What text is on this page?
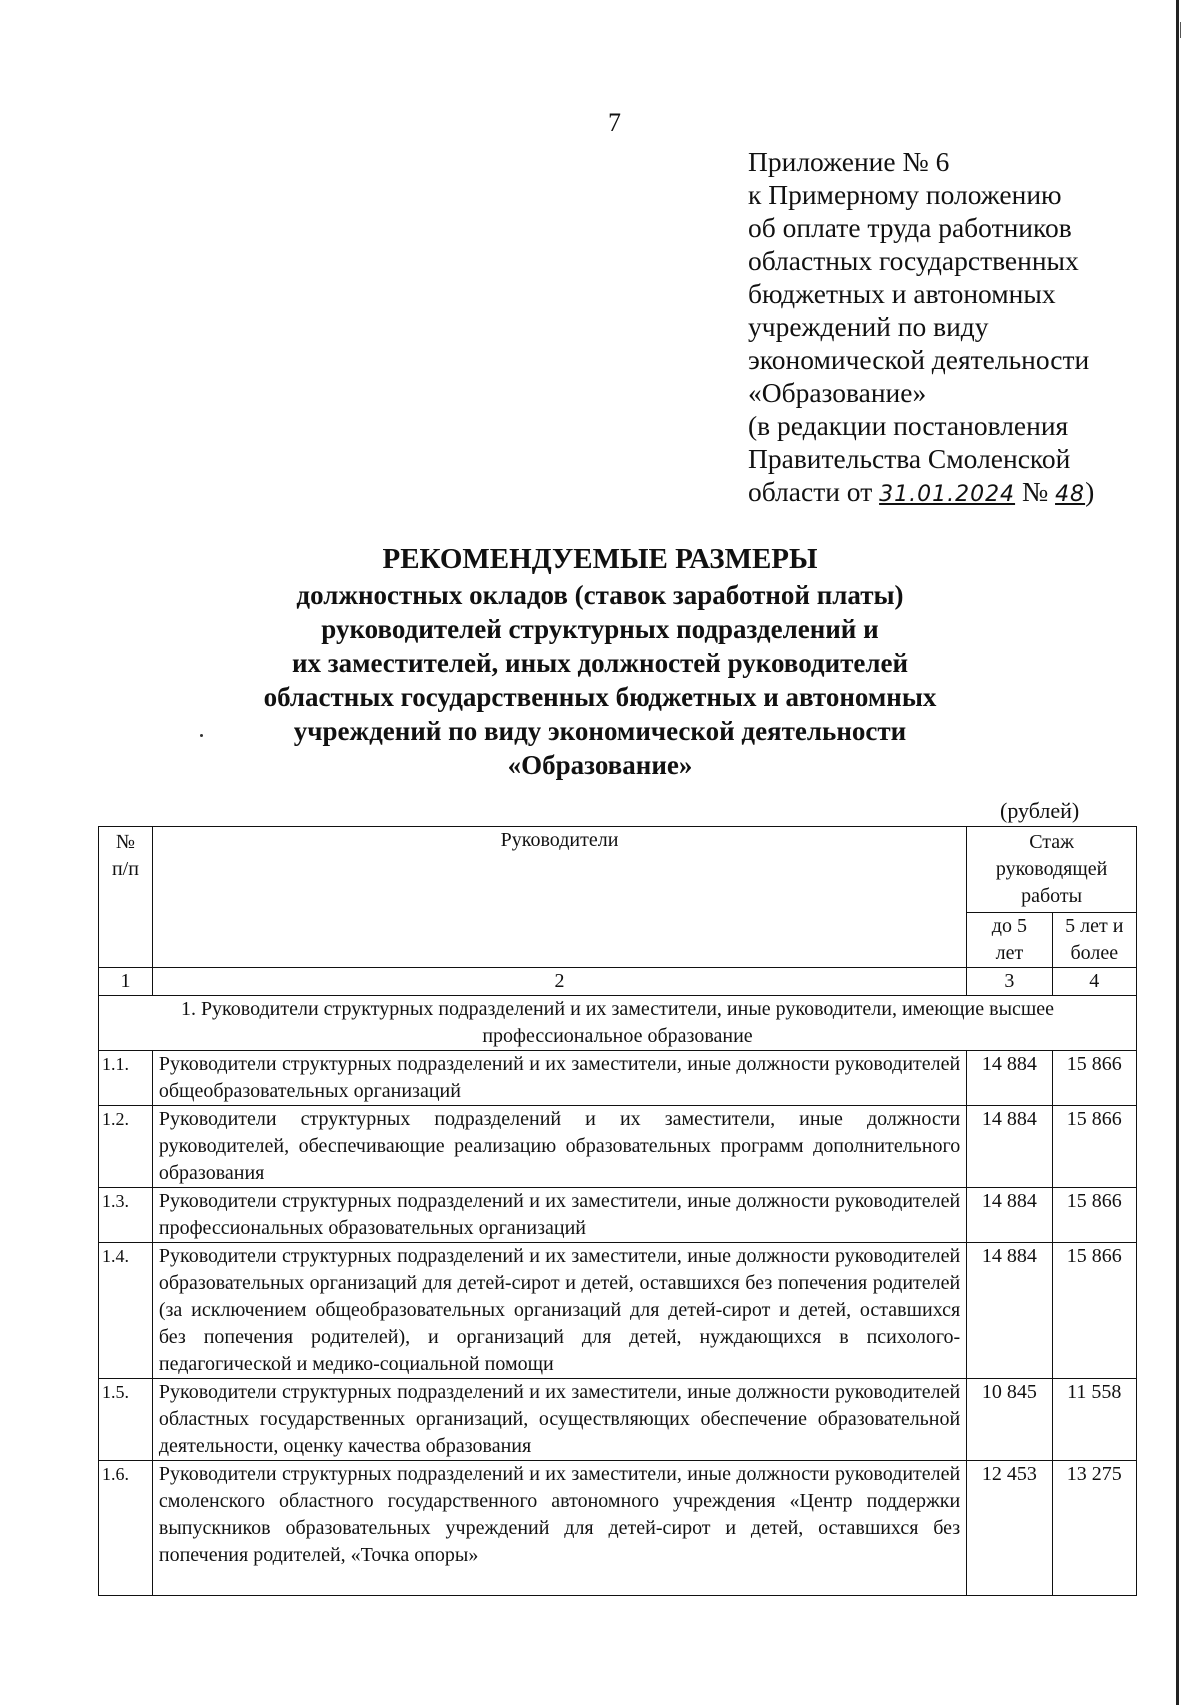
7
Приложение № 6
к Примерному положению
об оплате труда работников
областных государственных
бюджетных и автономных
учреждений по виду
экономической деятельности
«Образование»
(в редакции постановления
Правительства Смоленской
области от 31.01.2024 № 48)
РЕКОМЕНДУЕМЫЕ РАЗМЕРЫ
должностных окладов (ставок заработной платы)
руководителей структурных подразделений и
их заместителей, иных должностей руководителей
областных государственных бюджетных и автономных
учреждений по виду экономической деятельности
«Образование»
(рублей)
№ п/п	Руководители	Стаж руководящей работы	
		до 5 лет	5 лет и более
1	2	3	4
1. Руководители структурных подразделений и их заместители, иные руководители, имеющие высшее профессиональное образование			
1.1.	Руководители структурных подразделений и их заместители, иные должности руководителей общеобразовательных организаций	14 884	15 866
1.2.	Руководители структурных подразделений и их заместители, иные должности руководителей, обеспечивающие реализацию образовательных программ дополнительного образования	14 884	15 866
1.3.	Руководители структурных подразделений и их заместители, иные должности руководителей профессиональных образовательных организаций	14 884	15 866
1.4.	Руководители структурных подразделений и их заместители, иные должности руководителей образовательных организаций для детей-сирот и детей, оставшихся без попечения родителей (за исключением общеобразовательных организаций для детей-сирот и детей, оставшихся без попечения родителей), и организаций для детей, нуждающихся в психолого-педагогической и медико-социальной помощи	14 884	15 866
1.5.	Руководители структурных подразделений и их заместители, иные должности руководителей областных государственных организаций, осуществляющих обеспечение образовательной деятельности, оценку качества образования	10 845	11 558
1.6.	Руководители структурных подразделений и их заместители, иные должности руководителей смоленского областного государственного автономного учреждения «Центр поддержки выпускников образовательных учреждений для детей-сирот и детей, оставшихся без попечения родителей, «Точка опоры»	12 453	13 275
